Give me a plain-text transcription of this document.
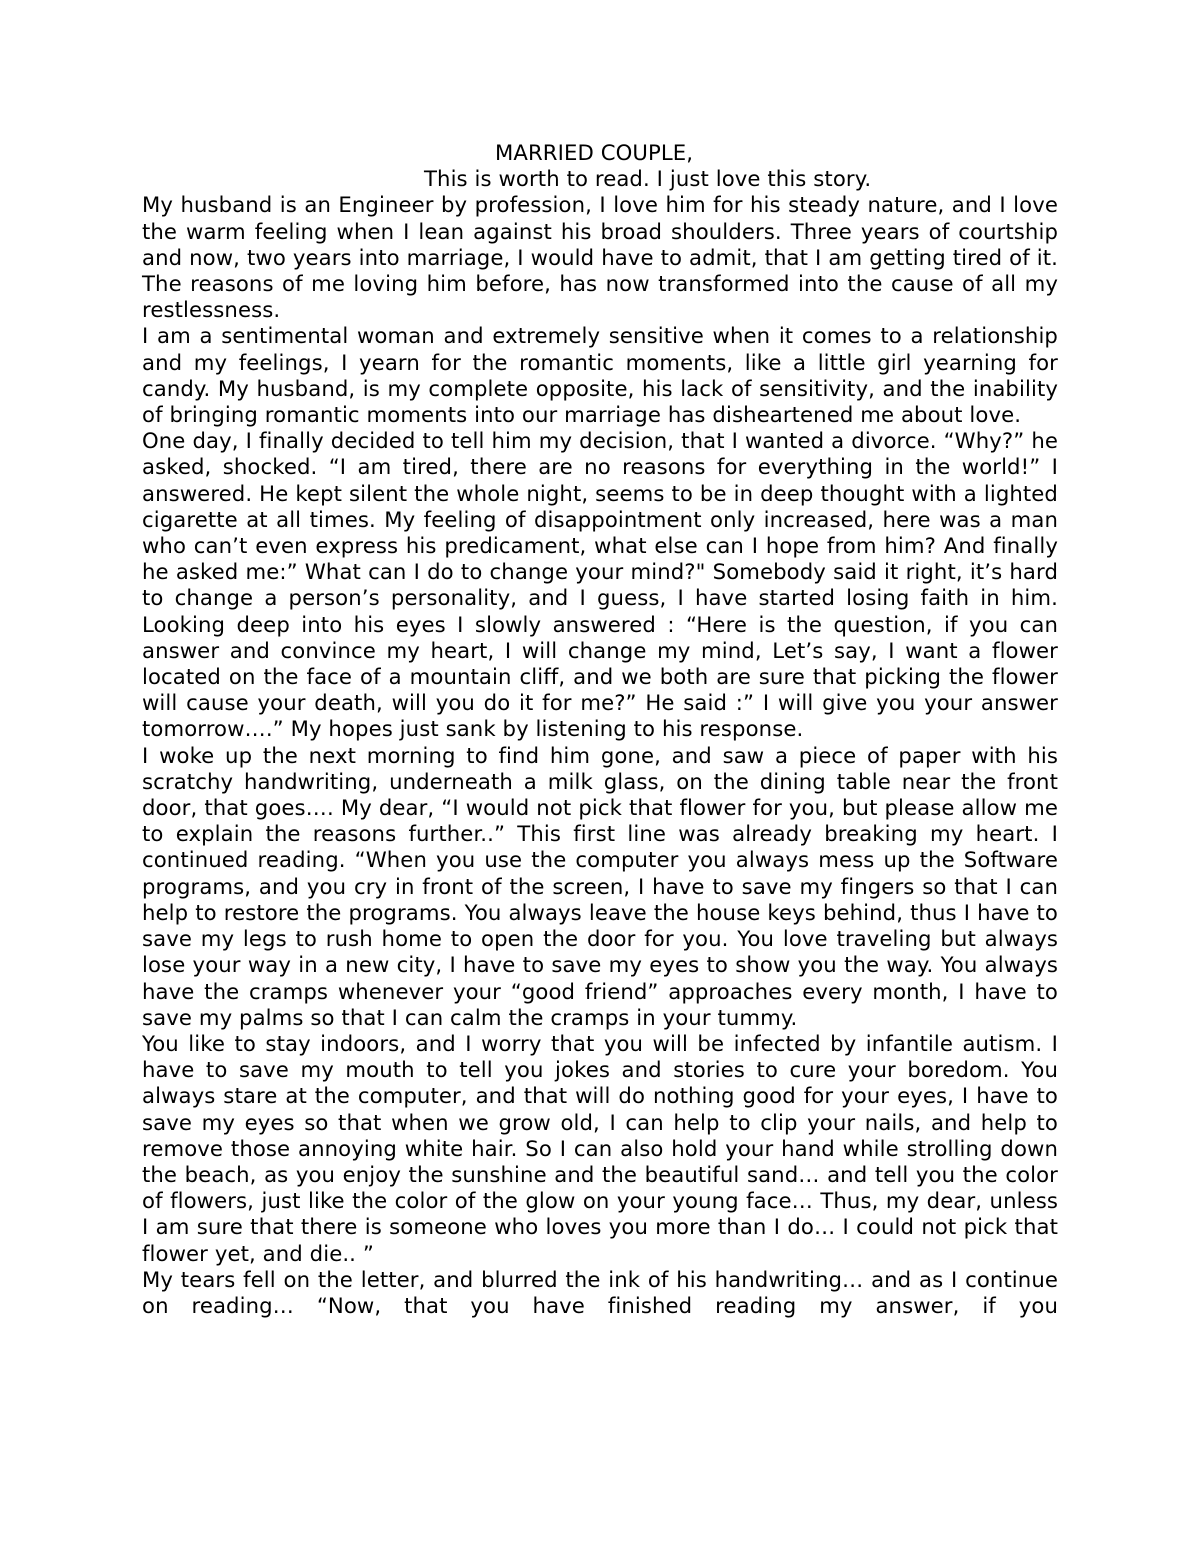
MARRIED COUPLE,

This is worth to read. I just love this story.

My husband is an Engineer by profession, I love him for his steady nature, and I love the warm feeling when I lean against his broad shoulders. Three years of courtship and now, two years into marriage, I would have to admit, that I am getting tired of it. The reasons of me loving him before, has now transformed into the cause of all my restlessness.

I am a sentimental woman and extremely sensitive when it comes to a relationship and my feelings, I yearn for the romantic moments, like a little girl yearning for candy. My husband, is my complete opposite, his lack of sensitivity, and the inability of bringing romantic moments into our marriage has disheartened me about love.

One day, I finally decided to tell him my decision, that I wanted a divorce. “Why?” he asked, shocked. “I am tired, there are no reasons for everything in the world!” I answered. He kept silent the whole night, seems to be in deep thought with a lighted cigarette at all times. My feeling of disappointment only increased, here was a man who can’t even express his predicament, what else can I hope from him? And finally he asked me:” What can I do to change your mind?" Somebody said it right, it’s hard to change a person’s personality, and I guess, I have started losing faith in him. Looking deep into his eyes I slowly answered : “Here is the question, if you can answer and convince my heart, I will change my mind, Let’s say, I want a flower located on the face of a mountain cliff, and we both are sure that picking the flower will cause your death, will you do it for me?” He said :” I will give you your answer tomorrow….” My hopes just sank by listening to his response.

I woke up the next morning to find him gone, and saw a piece of paper with his scratchy handwriting, underneath a milk glass, on the dining table near the front door, that goes…. My dear, “I would not pick that flower for you, but please allow me to explain the reasons further..” This first line was already breaking my heart. I continued reading. “When you use the computer you always mess up the Software programs, and you cry in front of the screen, I have to save my fingers so that I can help to restore the programs. You always leave the house keys behind, thus I have to save my legs to rush home to open the door for you. You love traveling but always lose your way in a new city, I have to save my eyes to show you the way. You always have the cramps whenever your “good friend” approaches every month, I have to save my palms so that I can calm the cramps in your tummy.

You like to stay indoors, and I worry that you will be infected by infantile autism. I have to save my mouth to tell you jokes and stories to cure your boredom. You always stare at the computer, and that will do nothing good for your eyes, I have to save my eyes so that when we grow old, I can help to clip your nails, and help to remove those annoying white hair. So I can also hold your hand while strolling down the beach, as you enjoy the sunshine and the beautiful sand… and tell you the color of flowers, just like the color of the glow on your young face… Thus, my dear, unless I am sure that there is someone who loves you more than I do… I could not pick that flower yet, and die.. ”

My tears fell on the letter, and blurred the ink of his handwriting… and as I continue on reading… “Now, that you have finished reading my answer, if you
